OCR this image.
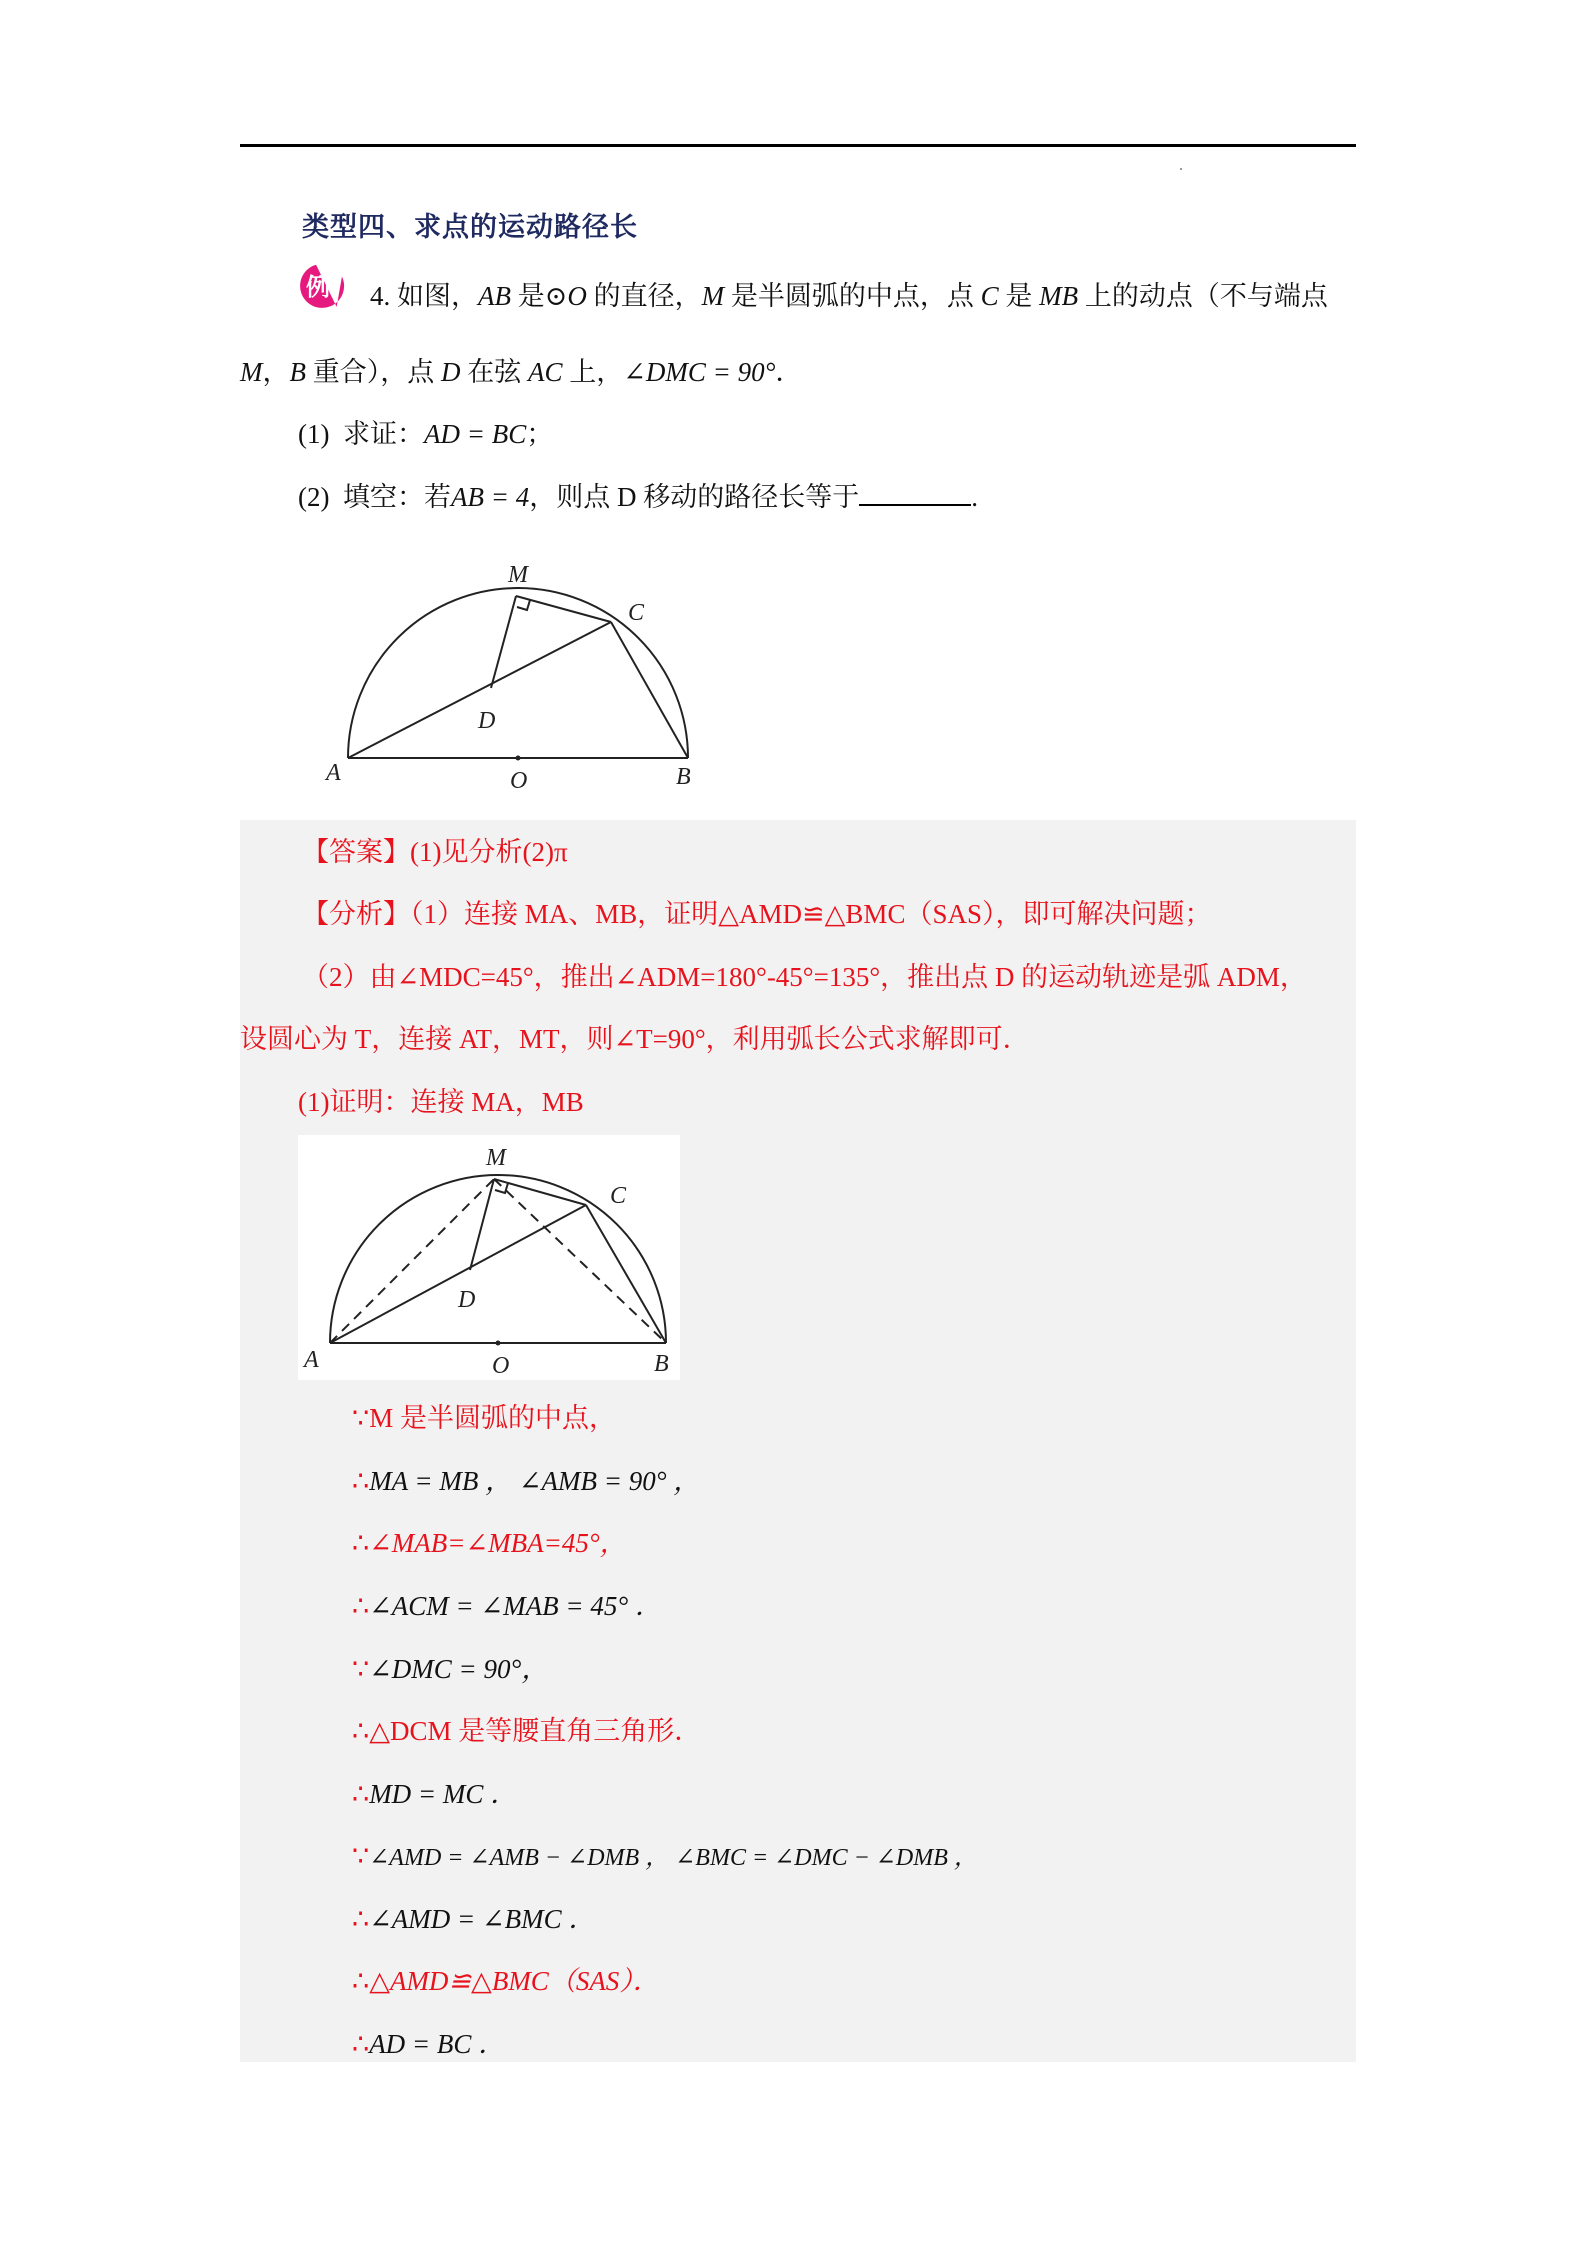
类型四、求点的运动路径长
例 4. 如图，AB 是⊙O 的直径，M 是半圆弧的中点，点 C 是 MB 上的动点（不与端点
M，B 重合），点 D 在弦 AC 上，∠DMC = 90°．
(1) 求证：AD = BC；
(2) 填空：若AB = 4，则点 D 移动的路径长等于	.
M
C
D
A	O	B
【答案】(1)见分析(2)π
【分析】（1）连接 MA、MB，证明△AMD≌△BMC（SAS），即可解决问题；
（2）由∠MDC=45°，推出∠ADM=180°-45°=135°，推出点 D 的运动轨迹是弧 ADM，
设圆心为 T，连接 AT，MT，则∠T=90°，利用弧长公式求解即可．
(1)证明：连接 MA，MB
M
C
D
A	O	B
∵M 是半圆弧的中点，
∴MA = MB ， ∠AMB = 90° ，
∴∠MAB=∠MBA=45°，
∴∠ACM = ∠MAB = 45° ．
∵∠DMC = 90°，
∴△DCM 是等腰直角三角形．
∴MD = MC ．
∵∠AMD = ∠AMB − ∠DMB ， ∠BMC = ∠DMC − ∠DMB ，
∴∠AMD = ∠BMC ．
∴△AMD≌△BMC（SAS）．
∴AD = BC ．
